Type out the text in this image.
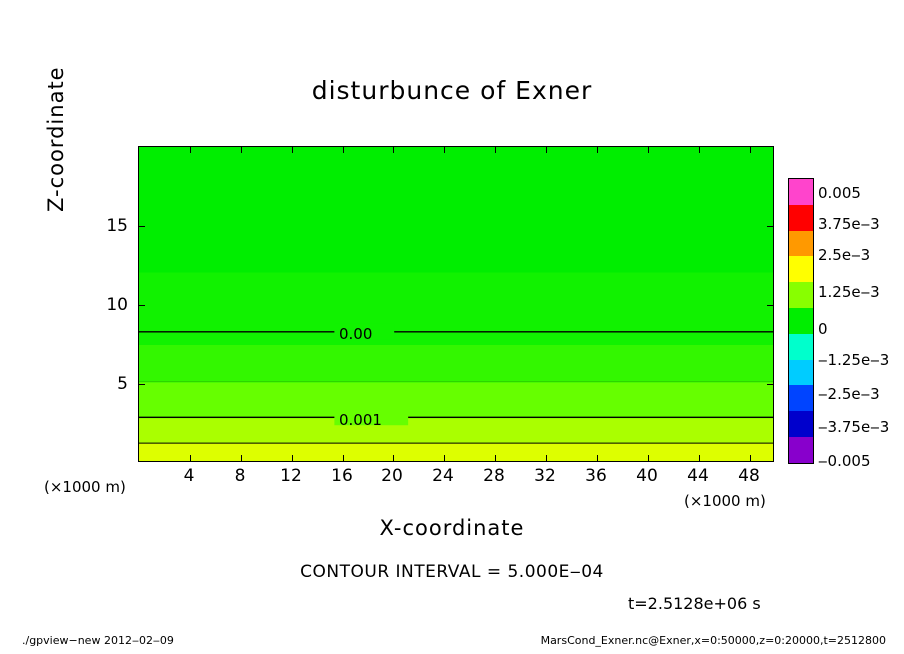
disturbunce of Exner
0.00
0.001
4	8	12	16	20	24	28	32	36	40	44	48
5
10
15
X-coordinate
Z-coordinate
(×1000 m)
(×1000 m)
0.005
3.75e‒3
2.5e‒3
1.25e‒3
0
‒1.25e‒3
‒2.5e‒3
‒3.75e‒3
‒0.005
CONTOUR INTERVAL = 5.000E‒04
t=2.5128e+06 s
./gpview−new 2012‒02‒09	MarsCond_Exner.nc@Exner,x=0:50000,z=0:20000,t=2512800
